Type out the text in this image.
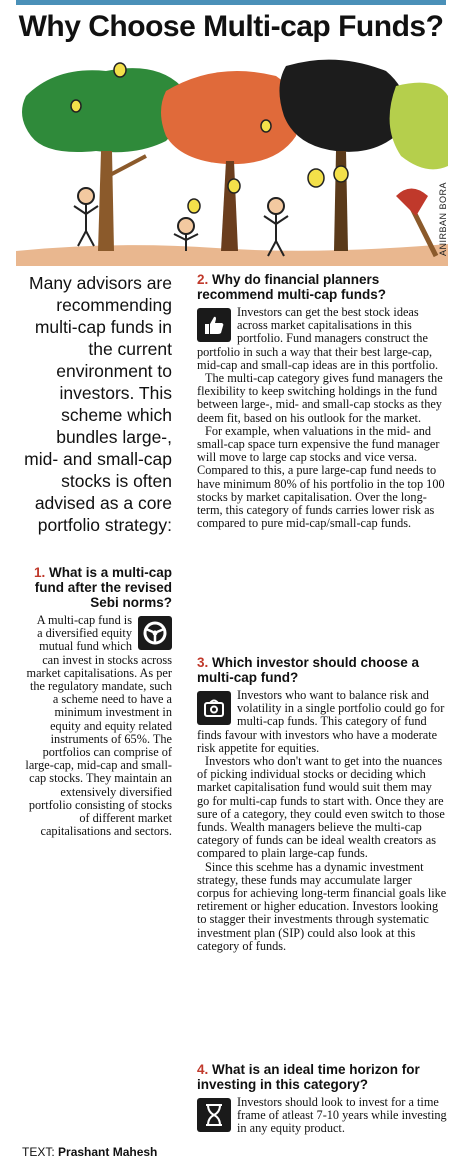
Why Choose Multi-cap Funds?
ANIRBAN BORA
Many advisors are recommending multi-cap funds in the current environment to investors. This scheme which bundles large-, mid- and small-cap stocks is often advised as a core portfolio strategy:
1. What is a multi-cap fund after the revised Sebi norms?

A multi-cap fund is a diversified equity mutual fund which can invest in stocks across market capitalisations. As per the regulatory mandate, such a scheme need to have a minimum investment in equity and equity related instruments of 65%. The portfolios can comprise of large-cap, mid-cap and small-cap stocks. They maintain an extensively diversified portfolio consisting of stocks of different market capitalisations and sectors.

2. Why do financial planners recommend multi-cap funds?

Investors can get the best stock ideas across market capitalisations in this portfolio. Fund managers construct the portfolio in such a way that their best large-cap, mid-cap and small-cap ideas are in this portfolio.

The multi-cap category gives fund managers the flexibility to keep switching holdings in the fund between large-, mid- and small-cap stocks as they deem fit, based on his outlook for the market.

For example, when valuations in the mid- and small-cap space turn expensive the fund manager will move to large cap stocks and vice versa. Compared to this, a pure large-cap fund needs to have minimum 80% of his portfolio in the top 100 stocks by market capitalisation. Over the long-term, this category of funds carries lower risk as compared to pure mid-cap/small-cap funds.

3. Which investor should choose a multi-cap fund?

Investors who want to balance risk and volatility in a single portfolio could go for multi-cap funds. This category of fund finds favour with investors who have a moderate risk appetite for equities.

Investors who don't want to get into the nuances of picking individual stocks or deciding which market capitalisation fund would suit them may go for multi-cap funds to start with. Once they are sure of a category, they could even switch to those funds. Wealth managers believe the multi-cap category of funds can be ideal wealth creators as compared to plain large-cap funds.

Since this scehme has a dynamic investment strategy, these funds may accumulate larger corpus for achieving long-term financial goals like retirement or higher education. Investors looking to stagger their investments through systematic investment plan (SIP) could also look at this category of funds.

4. What is an ideal time horizon for investing in this category?

Investors should look to invest for a time frame of atleast 7-10 years while investing in any equity product.

TEXT: Prashant Mahesh
